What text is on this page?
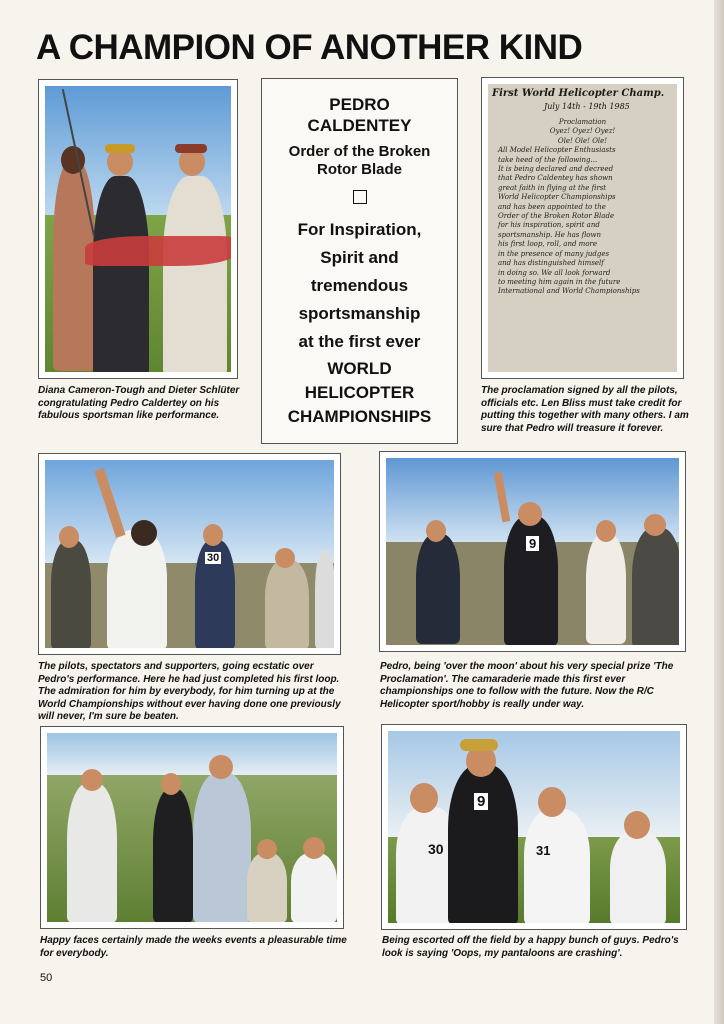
A CHAMPION OF ANOTHER KIND
Diana Cameron-Tough and Dieter Schlüter congratulating Pedro Caldertey on his fabulous sportsman like performance.
PEDRO CALDENTEY
Order of the Broken Rotor Blade
For Inspiration,
Spirit and
tremendous
sportsmanship
at the first ever
WORLD
HELICOPTER
CHAMPIONSHIPS
First World Helicopter Champ.
July 14th - 19th 1985
Proclamation
Oyez! Oyez! Oyez!
Ole! Ole! Ole!
All Model Helicopter Enthusiasts
take heed of the following...
It is being declared and decreed
that Pedro Caldentey has shown
great faith in flying at the first
World Helicopter Championships
and has been appointed to the
Order of the Broken Rotor Blade
for his inspiration, spirit and
sportsmanship. He has flown
his first loop, roll, and more
in the presence of many judges
and has distinguished himself
in doing so. We all look forward
to meeting him again in the future
International and World Championships
The proclamation signed by all the pilots, officials etc. Len Bliss must take credit for putting this together with many others. I am sure that Pedro will treasure it forever.
30
The pilots, spectators and supporters, going ecstatic over Pedro's performance. Here he had just completed his first loop. The admiration for him by everybody, for him turning up at the World Championships without ever having done one previously will never, I'm sure be beaten.
9
Pedro, being 'over the moon' about his very special prize 'The Proclamation'. The camaraderie made this first ever championships one to follow with the future. Now the R/C Helicopter sport/hobby is really under way.
Happy faces certainly made the weeks events a pleasurable time for everybody.
30
9
31
Being escorted off the field by a happy bunch of guys. Pedro's look is saying 'Oops, my pantaloons are crashing'.
50
